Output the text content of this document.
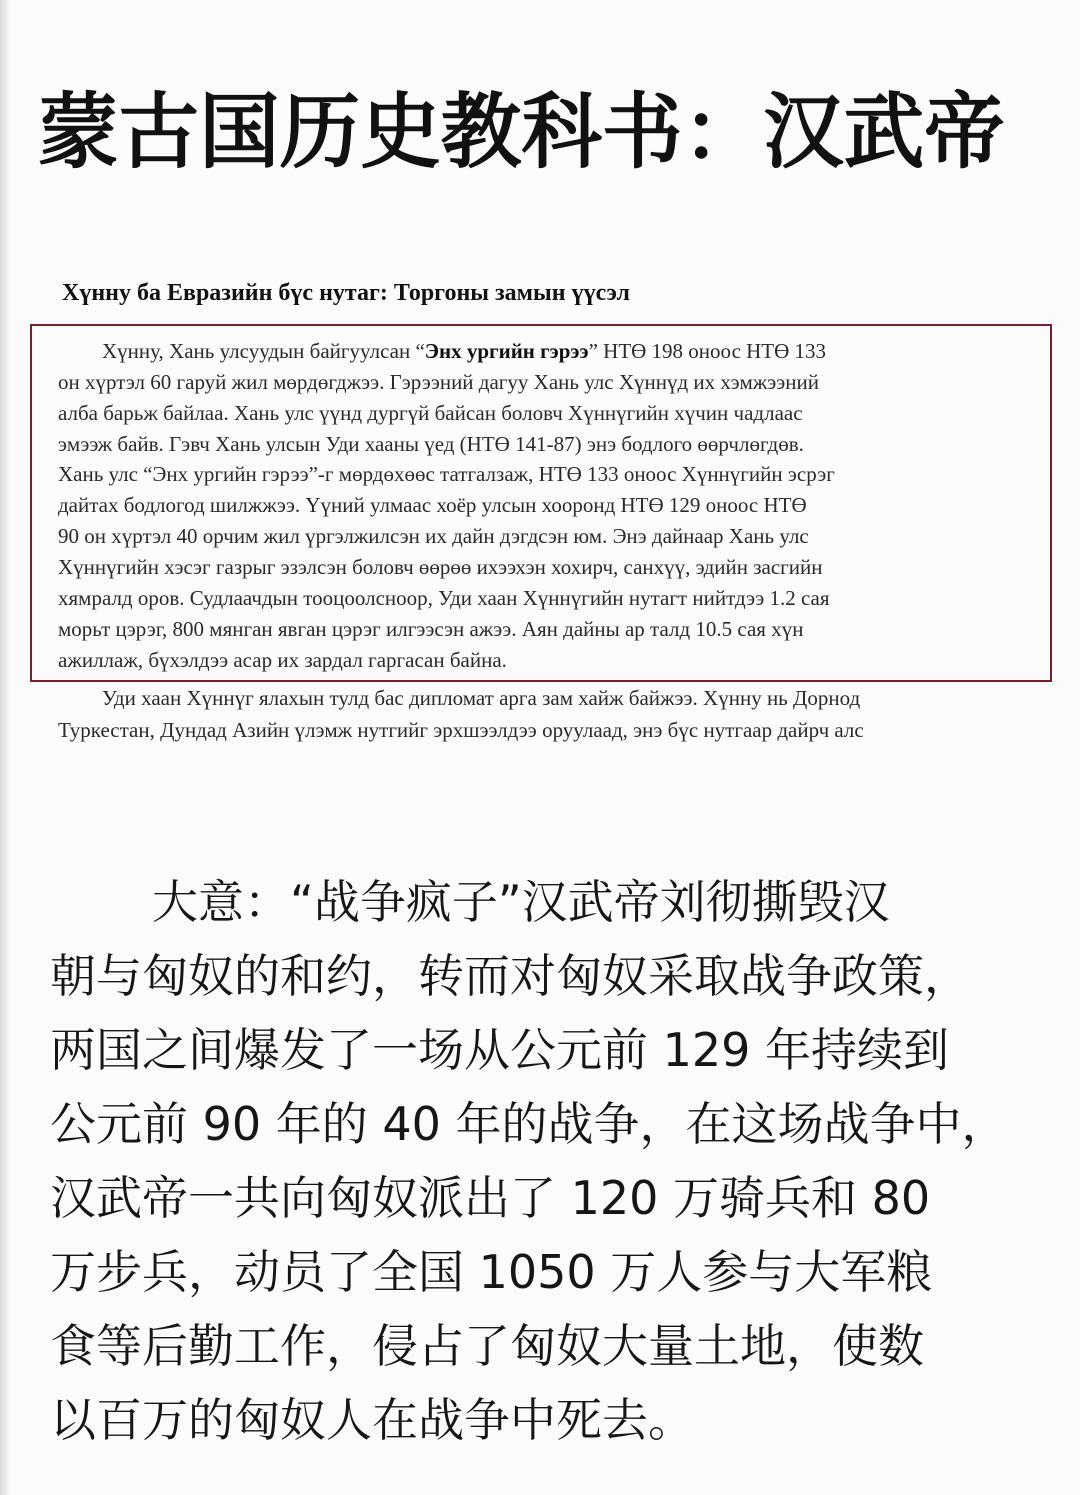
蒙古国历史教科书：汉武帝
Хүнну ба Евразийн бүс нутаг: Торгоны замын үүсэл
Хүнну, Хань улсуудын байгуулсан “Энх ургийн гэрээ” НТӨ 198 оноос НТӨ 133
он хүртэл 60 гаруй жил мөрдөгджээ. Гэрээний дагуу Хань улс Хүннүд их хэмжээний
алба барьж байлаа. Хань улс үүнд дургүй байсан боловч Хүннүгийн хүчин чадлаас
эмээж байв. Гэвч Хань улсын Уди хааны үед (НТӨ 141-87) энэ бодлого өөрчлөгдөв.
Хань улс “Энх ургийн гэрээ”-г мөрдөхөөс татгалзаж, НТӨ 133 оноос Хүннүгийн эсрэг
дайтах бодлогод шилжжээ. Үүний улмаас хоёр улсын хооронд НТӨ 129 оноос НТӨ
90 он хүртэл 40 орчим жил үргэлжилсэн их дайн дэгдсэн юм. Энэ дайнаар Хань улс
Хүннүгийн хэсэг газрыг эзэлсэн боловч өөрөө ихээхэн хохирч, санхүү, эдийн засгийн
хямралд оров. Судлаачдын тооцоолсноор, Уди хаан Хүннүгийн нутагт нийтдээ 1.2 сая
морьт цэрэг, 800 мянган явган цэрэг илгээсэн ажээ. Аян дайны ар талд 10.5 сая хүн
ажиллаж, бүхэлдээ асар их зардал гаргасан байна.
Уди хаан Хүннүг ялахын тулд бас дипломат арга зам хайж байжээ. Хүнну нь Дорнод
Туркестан, Дундад Азийн үлэмж нутгийг эрхшээлдээ оруулаад, энэ бүс нутгаар дайрч алс
大意：“战争疯子”汉武帝刘彻撕毁汉
朝与匈奴的和约，转而对匈奴采取战争政策，
两国之间爆发了一场从公元前 129 年持续到
公元前 90 年的 40 年的战争，在这场战争中，
汉武帝一共向匈奴派出了 120 万骑兵和 80
万步兵，动员了全国 1050 万人参与大军粮
食等后勤工作，侵占了匈奴大量土地，使数
以百万的匈奴人在战争中死去。
